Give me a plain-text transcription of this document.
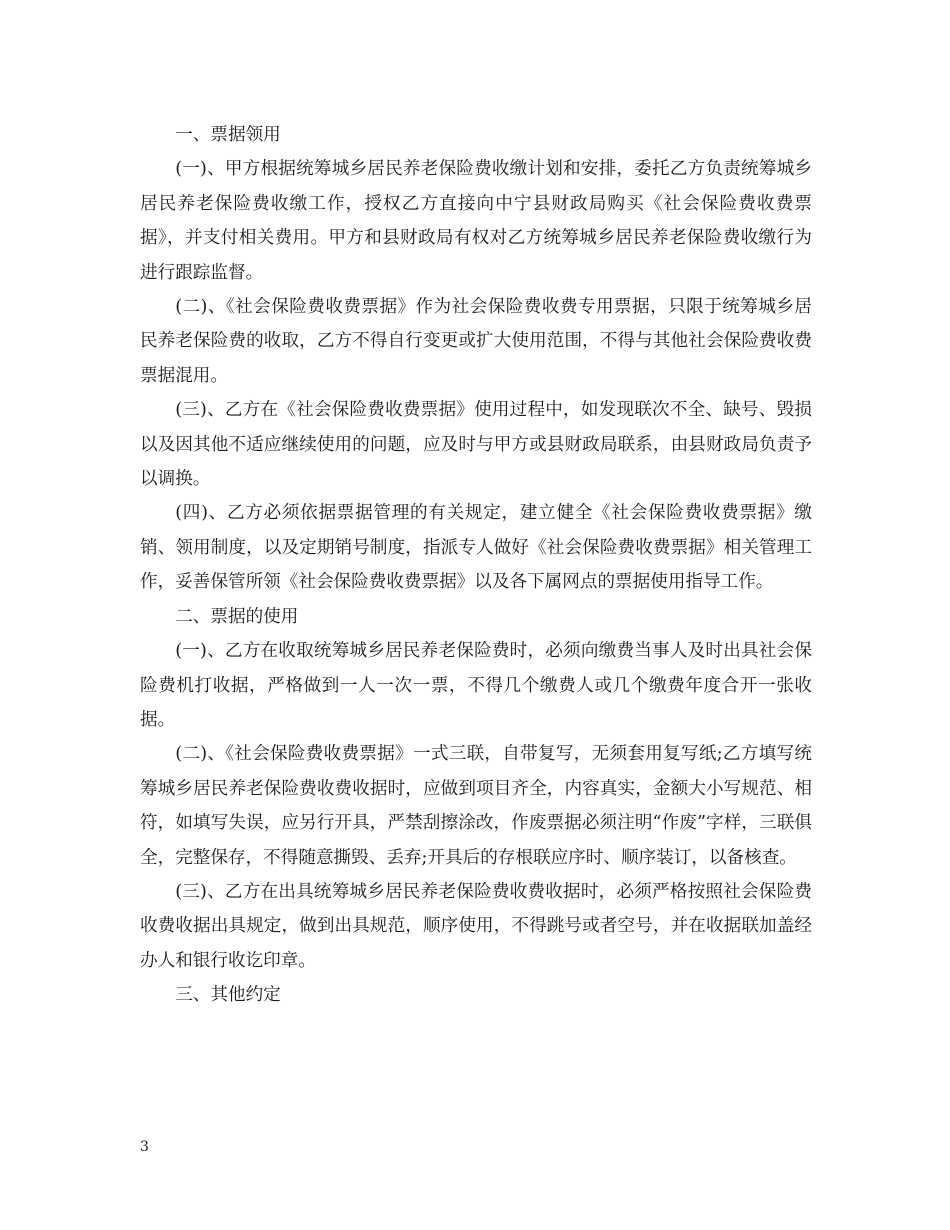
一、票据领用

(一)、甲方根据统筹城乡居民养老保险费收缴计划和安排，委托乙方负责统筹城乡居民养老保险费收缴工作，授权乙方直接向中宁县财政局购买《社会保险费收费票据》，并支付相关费用。甲方和县财政局有权对乙方统筹城乡居民养老保险费收缴行为进行跟踪监督。

(二)、《社会保险费收费票据》作为社会保险费收费专用票据，只限于统筹城乡居民养老保险费的收取，乙方不得自行变更或扩大使用范围，不得与其他社会保险费收费票据混用。

(三)、乙方在《社会保险费收费票据》使用过程中，如发现联次不全、缺号、毁损以及因其他不适应继续使用的问题，应及时与甲方或县财政局联系，由县财政局负责予以调换。

(四)、乙方必须依据票据管理的有关规定，建立健全《社会保险费收费票据》缴销、领用制度，以及定期销号制度，指派专人做好《社会保险费收费票据》相关管理工作，妥善保管所领《社会保险费收费票据》以及各下属网点的票据使用指导工作。

二、票据的使用

(一)、乙方在收取统筹城乡居民养老保险费时，必须向缴费当事人及时出具社会保险费机打收据，严格做到一人一次一票，不得几个缴费人或几个缴费年度合开一张收据。

(二)、《社会保险费收费票据》一式三联，自带复写，无须套用复写纸;乙方填写统筹城乡居民养老保险费收费收据时，应做到项目齐全，内容真实，金额大小写规范、相符，如填写失误，应另行开具，严禁刮擦涂改，作废票据必须注明“作废”字样，三联俱全，完整保存，不得随意撕毁、丢弃;开具后的存根联应序时、顺序装订，以备核查。

(三)、乙方在出具统筹城乡居民养老保险费收费收据时，必须严格按照社会保险费收费收据出具规定，做到出具规范，顺序使用，不得跳号或者空号，并在收据联加盖经办人和银行收讫印章。

三、其他约定

3
